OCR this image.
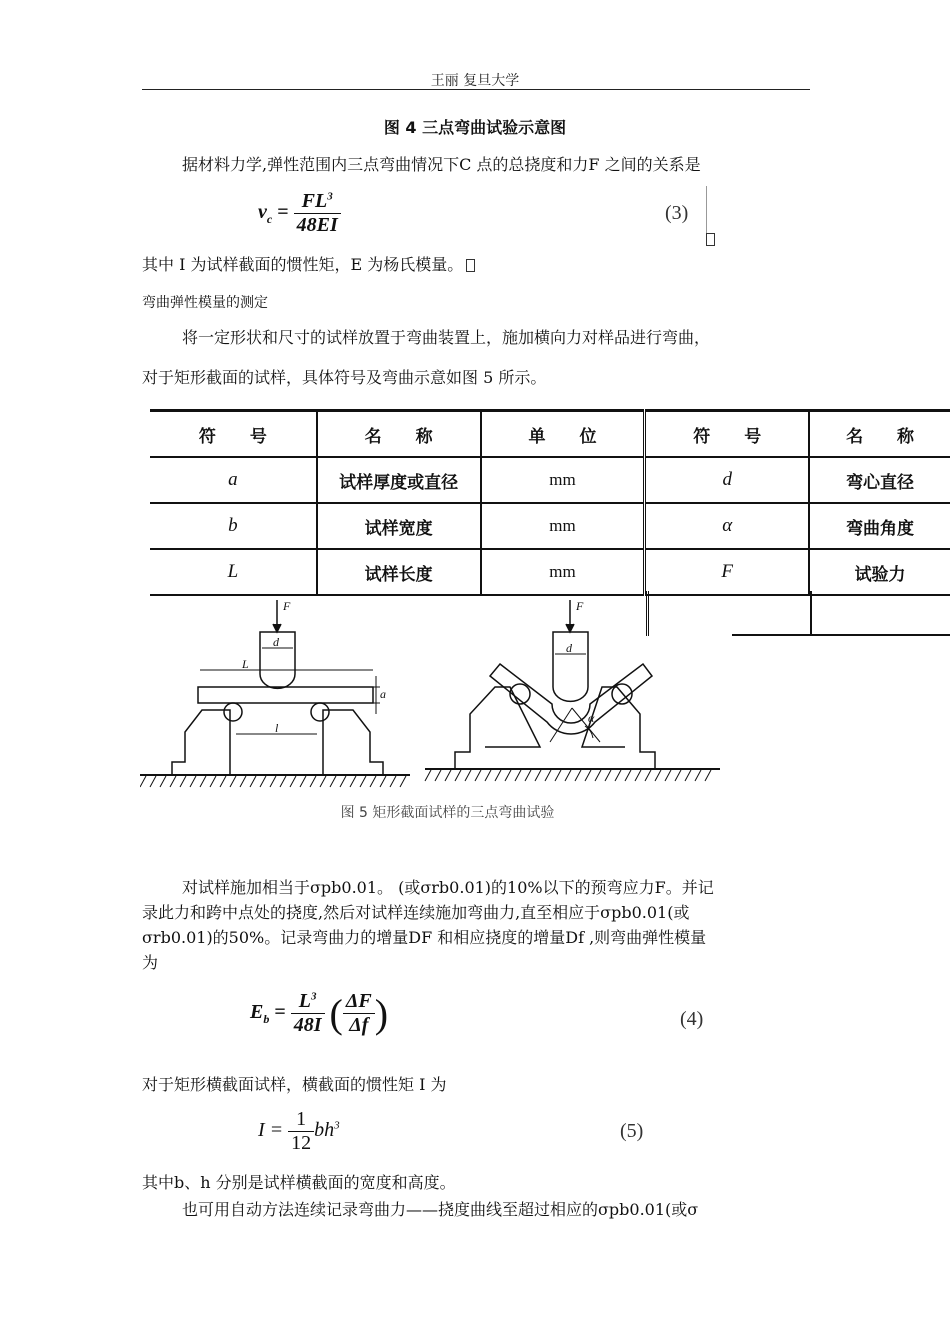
王丽 复旦大学
图 4 三点弯曲试验示意图
据材料力学,弹性范围内三点弯曲情况下C 点的总挠度和力F 之间的关系是
$v_c = \frac{FL^3}{48EI}$	(3)
其中 I 为试样截面的惯性矩，E 为杨氏模量。
弯曲弹性模量的测定
将一定形状和尺寸的试样放置于弯曲装置上，施加横向力对样品进行弯曲，
对于矩形截面的试样，具体符号及弯曲示意如图 5 所示。
符　　号	名　　称	单　　位	符　　号	名　　称
a	试样厚度或直径	mm	d	弯心直径
b	试样宽度	mm	α	弯曲角度
L	试样长度	mm	F	试验力
F
d
L
a
l
F
d
α
图 5 矩形截面试样的三点弯曲试验
对试样施加相当于σpb0.01。 (或σrb0.01)的10%以下的预弯应力F。并记
录此力和跨中点处的挠度,然后对试样连续施加弯曲力,直至相应于σpb0.01(或
σrb0.01)的50%。记录弯曲力的增量DF 和相应挠度的增量Df ,则弯曲弹性模量
为
$E_b = \frac{L^3}{48I}$ ( $\frac{\Delta F}{\Delta f}$ )	(4)
对于矩形横截面试样，横截面的惯性矩 I 为
$I = \frac{1}{12} bh^3$	(5)
其中b、h 分别是试样横截面的宽度和高度。
也可用自动方法连续记录弯曲力——挠度曲线至超过相应的σpb0.01(或σ
